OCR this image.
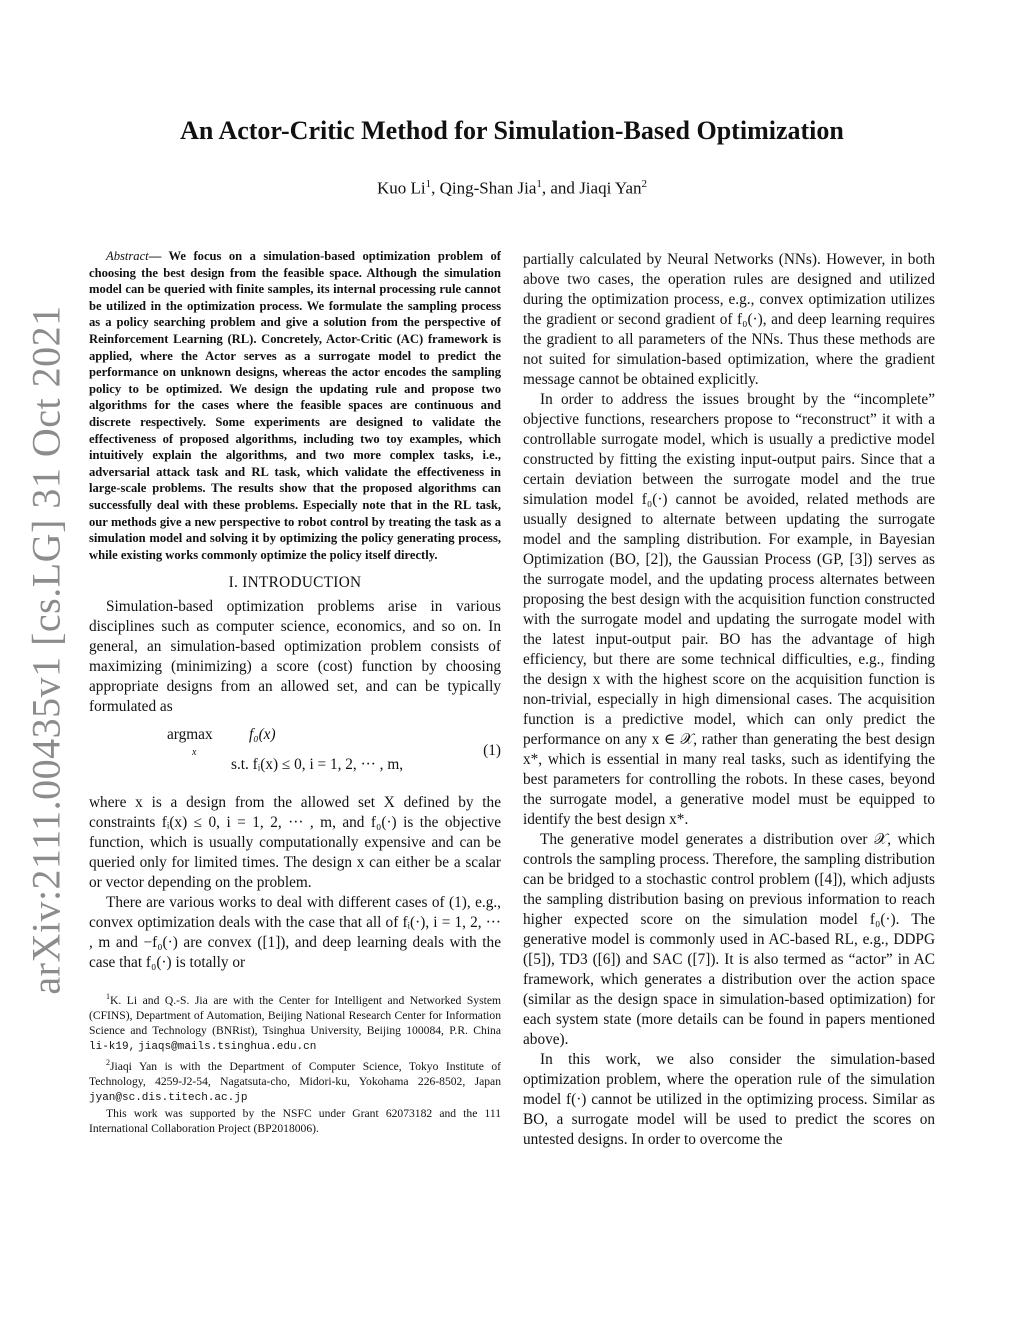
arXiv:2111.00435v1 [cs.LG] 31 Oct 2021
An Actor-Critic Method for Simulation-Based Optimization
Kuo Li$^1$, Qing-Shan Jia$^1$, and Jiaqi Yan$^2$

Abstract— We focus on a simulation-based optimization problem of choosing the best design from the feasible space. Although the simulation model can be queried with finite samples, its internal processing rule cannot be utilized in the optimization process. We formulate the sampling process as a policy searching problem and give a solution from the perspective of Reinforcement Learning (RL). Concretely, Actor-Critic (AC) framework is applied, where the Actor serves as a surrogate model to predict the performance on unknown designs, whereas the actor encodes the sampling policy to be optimized. We design the updating rule and propose two algorithms for the cases where the feasible spaces are continuous and discrete respectively. Some experiments are designed to validate the effectiveness of proposed algorithms, including two toy examples, which intuitively explain the algorithms, and two more complex tasks, i.e., adversarial attack task and RL task, which validate the effectiveness in large-scale problems. The results show that the proposed algorithms can successfully deal with these problems. Especially note that in the RL task, our methods give a new perspective to robot control by treating the task as a simulation model and solving it by optimizing the policy generating process, while existing works commonly optimize the policy itself directly.

I. INTRODUCTION

Simulation-based optimization problems arise in various disciplines such as computer science, economics, and so on. In general, an simulation-based optimization problem consists of maximizing (minimizing) a score (cost) function by choosing appropriate designs from an allowed set, and can be typically formulated as

argmax
x
f₀(x)
s.t. fᵢ(x) ≤ 0, i = 1, 2, ··· , m,
(1)

where x is a design from the allowed set X defined by the constraints fᵢ(x) ≤ 0, i = 1, 2, ··· , m, and f₀(·) is the objective function, which is usually computationally expensive and can be queried only for limited times. The design x can either be a scalar or vector depending on the problem.

There are various works to deal with different cases of (1), e.g., convex optimization deals with the case that all of fᵢ(·), i = 1, 2, ··· , m and −f₀(·) are convex ([1]), and deep learning deals with the case that f₀(·) is totally or

$^1$K. Li and Q.-S. Jia are with the Center for Intelligent and Networked System (CFINS), Department of Automation, Beijing National Research Center for Information Science and Technology (BNRist), Tsinghua University, Beijing 100084, P.R. China li-k19, jiaqs@mails.tsinghua.edu.cn

$^2$Jiaqi Yan is with the Department of Computer Science, Tokyo Institute of Technology, 4259-J2-54, Nagatsuta-cho, Midori-ku, Yokohama 226-8502, Japan jyan@sc.dis.titech.ac.jp

This work was supported by the NSFC under Grant 62073182 and the 111 International Collaboration Project (BP2018006).

partially calculated by Neural Networks (NNs). However, in both above two cases, the operation rules are designed and utilized during the optimization process, e.g., convex optimization utilizes the gradient or second gradient of f₀(·), and deep learning requires the gradient to all parameters of the NNs. Thus these methods are not suited for simulation-based optimization, where the gradient message cannot be obtained explicitly.

In order to address the issues brought by the “incomplete” objective functions, researchers propose to “reconstruct” it with a controllable surrogate model, which is usually a predictive model constructed by fitting the existing input-output pairs. Since that a certain deviation between the surrogate model and the true simulation model f₀(·) cannot be avoided, related methods are usually designed to alternate between updating the surrogate model and the sampling distribution. For example, in Bayesian Optimization (BO, [2]), the Gaussian Process (GP, [3]) serves as the surrogate model, and the updating process alternates between proposing the best design with the acquisition function constructed with the surrogate model and updating the surrogate model with the latest input-output pair. BO has the advantage of high efficiency, but there are some technical difficulties, e.g., finding the design x with the highest score on the acquisition function is non-trivial, especially in high dimensional cases. The acquisition function is a predictive model, which can only predict the performance on any x ∈ 𝒳, rather than generating the best design x*, which is essential in many real tasks, such as identifying the best parameters for controlling the robots. In these cases, beyond the surrogate model, a generative model must be equipped to identify the best design x*.

The generative model generates a distribution over 𝒳, which controls the sampling process. Therefore, the sampling distribution can be bridged to a stochastic control problem ([4]), which adjusts the sampling distribution basing on previous information to reach higher expected score on the simulation model f₀(·). The generative model is commonly used in AC-based RL, e.g., DDPG ([5]), TD3 ([6]) and SAC ([7]). It is also termed as “actor” in AC framework, which generates a distribution over the action space (similar as the design space in simulation-based optimization) for each system state (more details can be found in papers mentioned above).

In this work, we also consider the simulation-based optimization problem, where the operation rule of the simulation model f(·) cannot be utilized in the optimizing process. Similar as BO, a surrogate model will be used to predict the scores on untested designs. In order to overcome the
